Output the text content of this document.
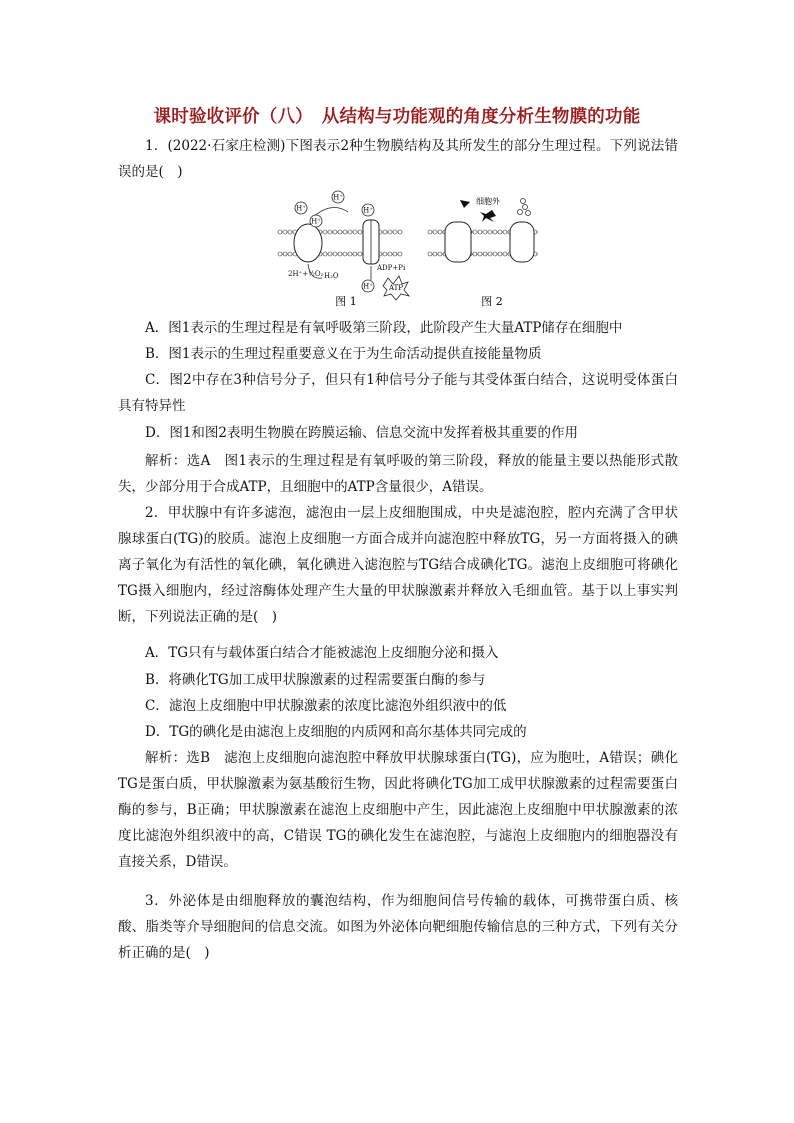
课时验收评价（八）　从结构与功能观的角度分析生物膜的功能
1．(2022·石家庄检测)下图表示2种生物膜结构及其所发生的部分生理过程。下列说法错误的是(　)
H⁺
H⁺
H⁺
H⁺
H⁺
2H⁺+½O₂ H₂O
ADP+Pi
ATP
图 1
细胞外
图 2
A．图1表示的生理过程是有氧呼吸第三阶段，此阶段产生大量ATP储存在细胞中
B．图1表示的生理过程重要意义在于为生命活动提供直接能量物质
C．图2中存在3种信号分子，但只有1种信号分子能与其受体蛋白结合，这说明受体蛋白具有特异性
D．图1和图2表明生物膜在跨膜运输、信息交流中发挥着极其重要的作用
解析：选A　图1表示的生理过程是有氧呼吸的第三阶段，释放的能量主要以热能形式散失，少部分用于合成ATP，且细胞中的ATP含量很少，A错误。
2．甲状腺中有许多滤泡，滤泡由一层上皮细胞围成，中央是滤泡腔，腔内充满了含甲状腺球蛋白(TG)的胶质。滤泡上皮细胞一方面合成并向滤泡腔中释放TG，另一方面将摄入的碘离子氧化为有活性的氧化碘，氧化碘进入滤泡腔与TG结合成碘化TG。滤泡上皮细胞可将碘化TG摄入细胞内，经过溶酶体处理产生大量的甲状腺激素并释放入毛细血管。基于以上事实判断，下列说法正确的是(　)
A．TG只有与载体蛋白结合才能被滤泡上皮细胞分泌和摄入
B．将碘化TG加工成甲状腺激素的过程需要蛋白酶的参与
C．滤泡上皮细胞中甲状腺激素的浓度比滤泡外组织液中的低
D．TG的碘化是由滤泡上皮细胞的内质网和高尔基体共同完成的
解析：选B　滤泡上皮细胞向滤泡腔中释放甲状腺球蛋白(TG)，应为胞吐，A错误；碘化TG是蛋白质，甲状腺激素为氨基酸衍生物，因此将碘化TG加工成甲状腺激素的过程需要蛋白酶的参与，B正确；甲状腺激素在滤泡上皮细胞中产生，因此滤泡上皮细胞中甲状腺激素的浓度比滤泡外组织液中的高，C错误 TG的碘化发生在滤泡腔，与滤泡上皮细胞内的细胞器没有直接关系，D错误。
3．外泌体是由细胞释放的囊泡结构，作为细胞间信号传输的载体，可携带蛋白质、核酸、脂类等介导细胞间的信息交流。如图为外泌体向靶细胞传输信息的三种方式，下列有关分析正确的是(　)
